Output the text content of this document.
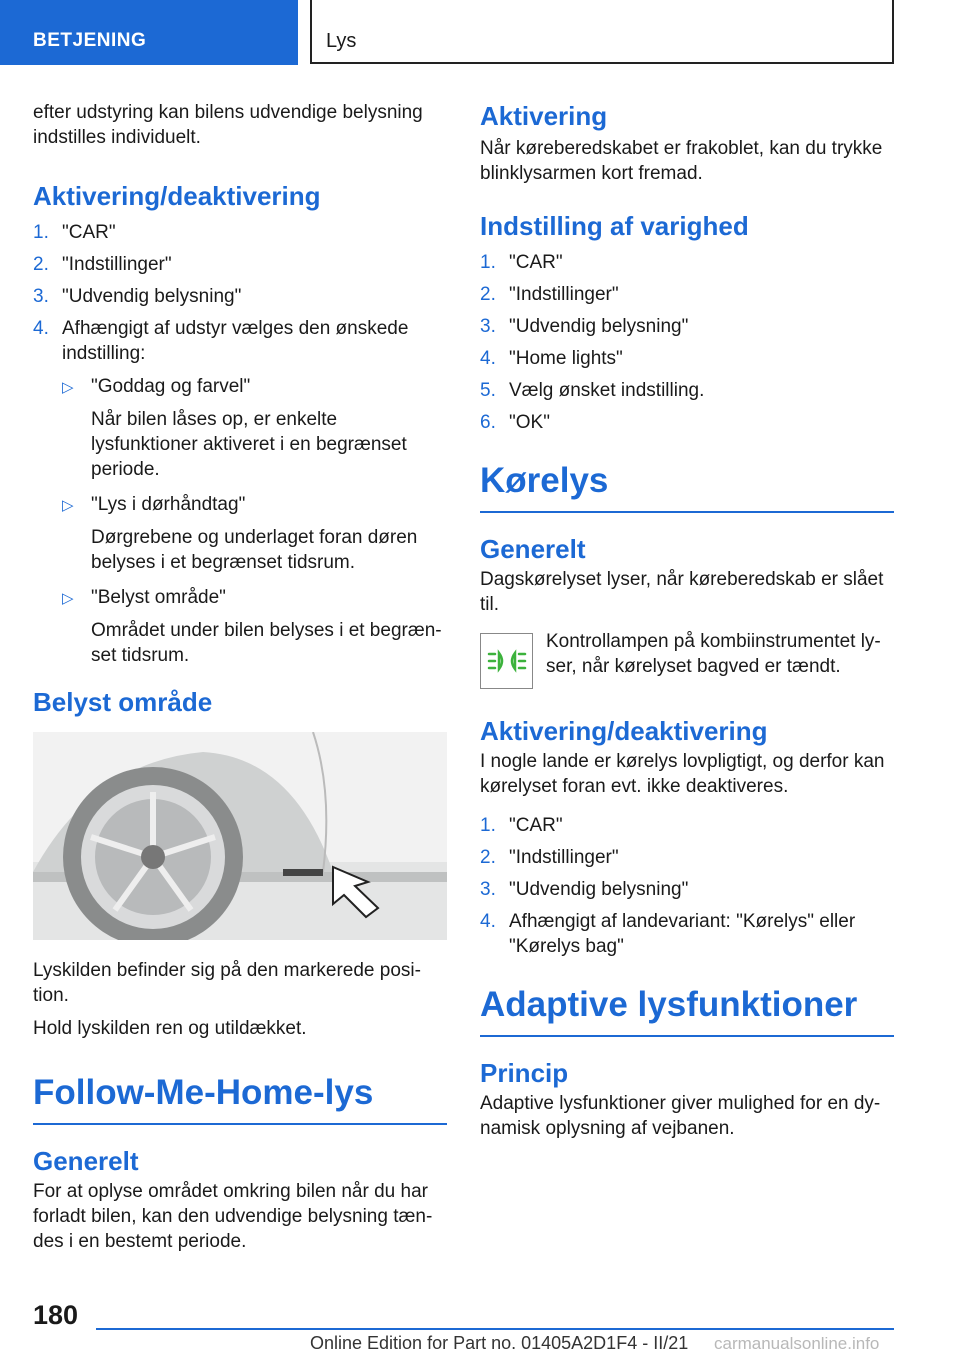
BETJENING	Lys

efter udstyring kan bilens udvendige belysning indstilles individuelt.

Aktivering/deaktivering
1. "CAR"
2. "Indstillinger"
3. "Udvendig belysning"
4. Afhængigt af udstyr vælges den ønskede indstilling:
▷ "Goddag og farvel"
Når bilen låses op, er enkelte lysfunktioner aktiveret i en begrænset periode.
▷ "Lys i dørhåndtag"
Dørgrebene og underlaget foran døren belyses i et begrænset tidsrum.
▷ "Belyst område"
Området under bilen belyses i et begræn- set tidsrum.
Belyst område

Lyskilden befinder sig på den markerede posi- tion.

Hold lyskilden ren og utildækket.

Follow-Me-Home-lys
Generelt

For at oplyse området omkring bilen når du har forladt bilen, kan den udvendige belysning tæn- des i en bestemt periode.

Aktivering

Når køreberedskabet er frakoblet, kan du trykke blinklysarmen kort fremad.

Indstilling af varighed
1. "CAR"
2. "Indstillinger"
3. "Udvendig belysning"
4. "Home lights"
5. Vælg ønsket indstilling.
6. "OK"
Kørelys
Generelt

Dagskørelyset lyser, når køreberedskab er slået til.

Kontrollampen på kombiinstrumentet ly- ser, når kørelyset bagved er tændt.

Aktivering/deaktivering

I nogle lande er kørelys lovpligtigt, og derfor kan kørelyset foran evt. ikke deaktiveres.

1. "CAR"
2. "Indstillinger"
3. "Udvendig belysning"
4. Afhængigt af landevariant: "Kørelys" eller "Kørelys bag"
Adaptive lysfunktioner
Princip

Adaptive lysfunktioner giver mulighed for en dy- namisk oplysning af vejbanen.

180
Online Edition for Part no. 01405A2D1F4 - II/21 carmanualsonline.info
